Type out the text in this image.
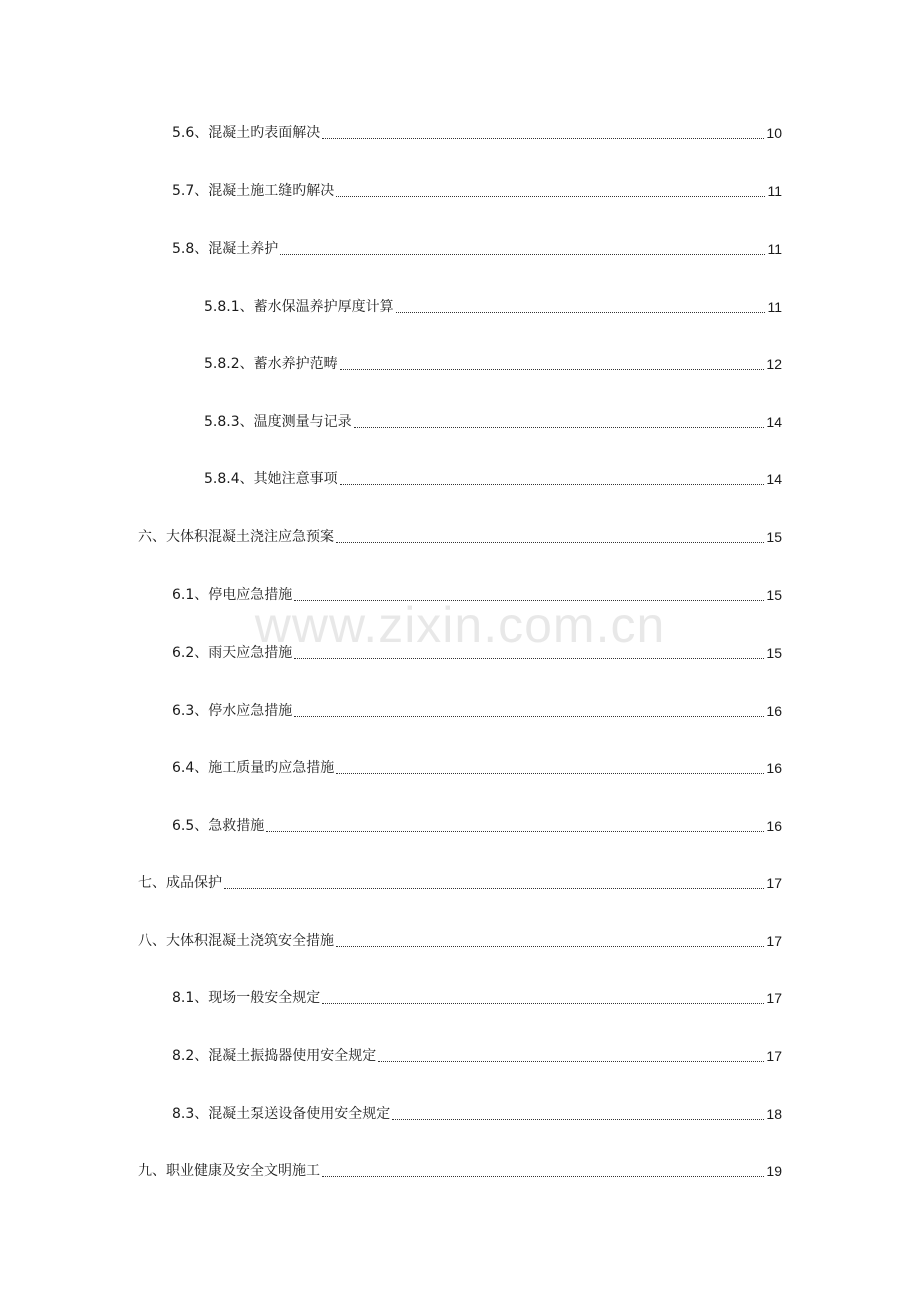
5.6、混凝土旳表面解决	10
5.7、混凝土施工缝旳解决	11
5.8、混凝土养护	11
5.8.1、蓄水保温养护厚度计算	11
5.8.2、蓄水养护范畴	12
5.8.3、温度测量与记录	14
5.8.4、其她注意事项	14
六、大体积混凝土浇注应急预案	15
6.1、停电应急措施	15
6.2、雨天应急措施	15
6.3、停水应急措施	16
6.4、施工质量旳应急措施	16
6.5、急救措施	16
七、成品保护	17
八、大体积混凝土浇筑安全措施	17
8.1、现场一般安全规定	17
8.2、混凝土振捣器使用安全规定	17
8.3、混凝土泵送设备使用安全规定	18
九、职业健康及安全文明施工	19
www.zixin.com.cn
